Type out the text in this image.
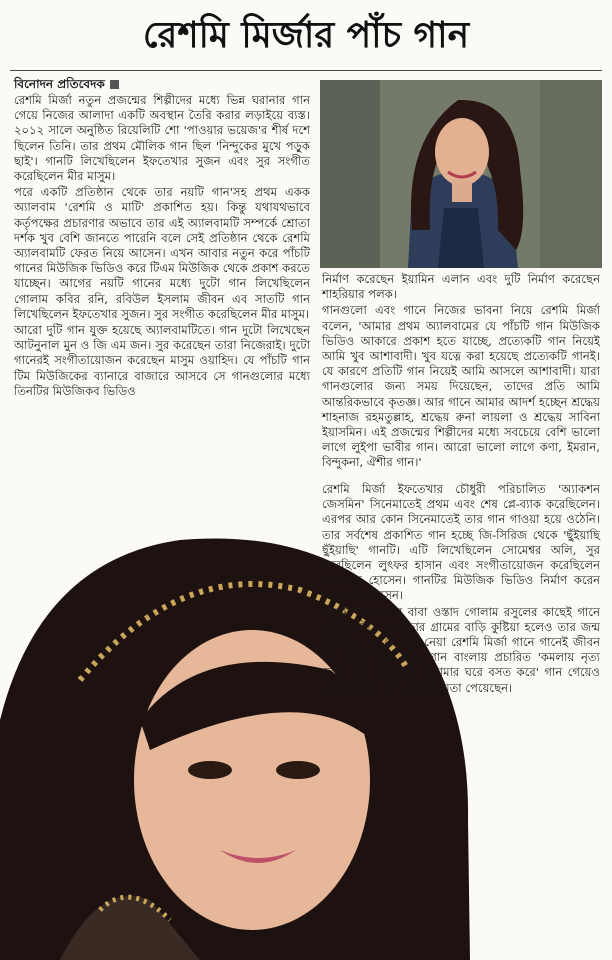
রেশমি মির্জার পাঁচ গান
বিনোদন প্রতিবেদক

রেশমি মির্জা নতুন প্রজন্মের শিল্পীদের মধ্যে ভিন্ন ঘরানার গান গেয়ে নিজের আলাদা একটি অবস্থান তৈরি করার লড়াইয়ে ব্যস্ত। ২০১২ সালে অনুষ্ঠিত রিয়েলিটি শো 'পাওয়ার ভয়েজ'র শীর্ষ দশে ছিলেন তিনি। তার প্রথম মৌলিক গান ছিল 'নিন্দুকের মুখে পড়ুক ছাই'। গানটি লিখেছিলেন ইফতেখার সুজন এবং সুর সংগীত করেছিলেন মীর মাসুম।

পরে একটি প্রতিষ্ঠান থেকে তার নয়টি গান'সহ প্রথম একক অ্যালবাম 'রেশমি ও মাটি' প্রকাশিত হয়। কিন্তু যথাযথভাবে কর্তৃপক্ষের প্রচারণার অভাবে তার এই অ্যালবামটি সম্পর্কে শ্রোতা দর্শক খুব বেশি জানতে পারেনি বলে সেই প্রতিষ্ঠান থেকে রেশমি অ্যালবামটি ফেরত নিয়ে আসেন। এখন আবার নতুন করে পাঁচটি গানের মিউজিক ভিডিও করে টিএম মিউজিক থেকে প্রকাশ করতে যাচ্ছেন। আগের নয়টি গানের মধ্যে দুটো গান লিখেছিলেন গোলাম কবির রনি, রবিউল ইসলাম জীবন এব সাতটি গান লিখেছিলেন ইফতেখার সুজন। সুর সংগীত করেছিলেন মীর মাসুম।

আরো দুটি গান যুক্ত হয়েছে অ্যালবামটিতে। গান দুটো লিখেছেন আটনুনাল মুন ও জি এম জন। সুর করেছেন তারা নিজেরাই। দুটো গানেরই সংগীতায়োজন করেছেন মাসুম ওয়াহিদ। যে পাঁচটি গান টিম মিউজিকের ব্যানারে বাজারে আসবে সে গানগুলোর মধ্যে তিনটির মিউজিকব ভিডিও

নির্মাণ করেছেন ইয়ামিন এলান এবং দুটি নির্মাণ করেছেন শাহরিয়ার পলক।

গানগুলো এবং গানে নিজের ভাবনা নিয়ে রেশমি মির্জা বলেন, 'আমার প্রথম অ্যালবামের যে পাঁচটি গান মিউজিক ভিডিও আকারে প্রকাশ হতে যাচ্ছে, প্রত্যেকটি গান নিয়েই আমি খুব আশাবাদী। খুব যত্নে করা হয়েছে প্রত্যেকটি গানই। যে কারণে প্রতিটি গান নিয়েই আমি আসলে আশাবাদী। যারা গানগুলোর জন্য সময় দিয়েছেন, তাদের প্রতি আমি আন্তরিকভাবে কৃতজ্ঞ। আর গানে আমার আদর্শ হচ্ছেন শ্রদ্ধেয় শাহনাজ রহমতুল্লাহ, শ্রদ্ধেয় রুনা লায়লা ও শ্রদ্ধেয় সাবিনা ইয়াসমিন। এই প্রজন্মের শিল্পীদের মধ্যে সবচেয়ে বেশি ভালো লাগে লুইপা ভাবীর গান। আরো ভালো লাগে কণা, ইমরান, বিন্দুকনা, ঐশীর গান।'

রেশমি মির্জা ইফতেখার চৌধুরী পরিচালিত 'অ্যাকশন জেসমিন' সিনেমাতেই প্রথম এবং শেষ প্লে-ব্যাক করেছিলেন। এরপর আর কোন সিনেমাতেই তার গান গাওয়া হয়ে ওঠেনি। তার সর্বশেষ প্রকাশিত গান হচ্ছে জি-সিরিজ থেকে 'ছুঁইয়াছি ছুঁইয়াছি' গানটি। এটি লিখেছিলেন সোমেশ্বর অলি, সুর করেছিলেন লুৎফর হাসান এবং সংগীতায়োজন করেছিলেন আমজাদ হোসেন। গানটির মিউজিক ভিডিও নির্মাণ করেন আমজাদ হোসেন।

রেশমি মির্জা তার বাবা ওস্তাদ গোলাম রসুলের কাছেই গানে তালিম নিয়েছেন। তার গ্রামের বাড়ি কুষ্টিয়া হলেও তার জন্ম খুলনায়। ২২ মে জন্ম নেয়া রেশমি মির্জা গানে গানেই জীবন পার করে দিতে চান। গান বাংলায় প্রচারিত 'কমলায় নৃত্য করে' এবং আরেকটি 'তোমার ঘরে বসত করে' গান গেয়েও রেশমি মির্জা বেশ শ্রোতাপ্রিয়তা পেয়েছেন।
